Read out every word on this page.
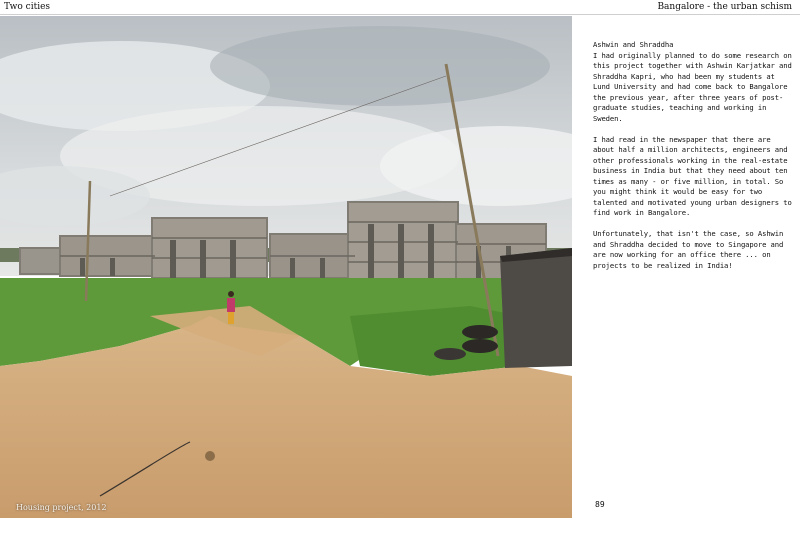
Two cities	Bangalore - the urban schism
Housing project, 2012

Ashwin and Shraddha
I had originally planned to do some research on this project together with Ashwin Karjatkar and Shraddha Kapri, who had been my students at Lund University and had come back to Bangalore the previous year, after three years of post-graduate studies, teaching and working in Sweden.

I had read in the newspaper that there are about half a million architects, engineers and other professionals working in the real-estate business in India but that they need about ten times as many - or five million, in total. So you might think it would be easy for two talented and motivated young urban designers to find work in Bangalore.

Unfortunately, that isn't the case, so Ashwin and Shraddha decided to move to Singapore and are now working for an office there ... on projects to be realized in India!

89
